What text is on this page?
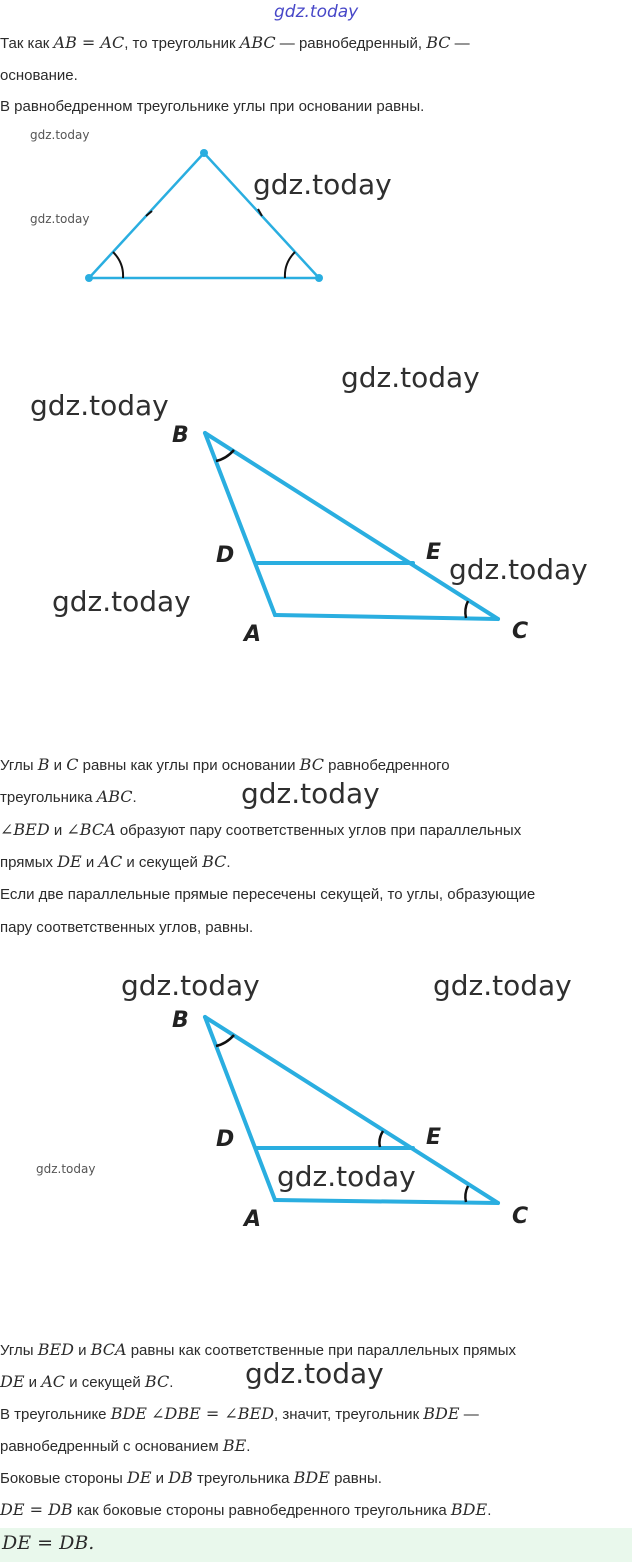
gdz.today
gdz.today
gdz.today
gdz.today
gdz.today
gdz.today
gdz.today
gdz.today
gdz.today
gdz.today	gdz.today
gdz.today	gdz.today
gdz.today
Так как AB = AC, то треугольник ABC — равнобедренный, BC —
основание.
В равнобедренном треугольнике углы при основании равны.
B
D	E
A	C
Углы B и C равны как углы при основании BC равнобедренного
треугольника ABC.
∠BED и ∠BCA образуют пару соответственных углов при параллельных
прямых DE и AC и секущей BC.
Если две параллельные прямые пересечены секущей, то углы, образующие
пару соответственных углов, равны.
B
D	E
A	C
Углы BED и BCA равны как соответственные при параллельных прямых
DE и AC и секущей BC.
В треугольнике BDE ∠DBE = ∠BED, значит, треугольник BDE —
равнобедренный с основанием BE.
Боковые стороны DE и DB треугольника BDE равны.
DE = DB как боковые стороны равнобедренного треугольника BDE.
DE = DB.
